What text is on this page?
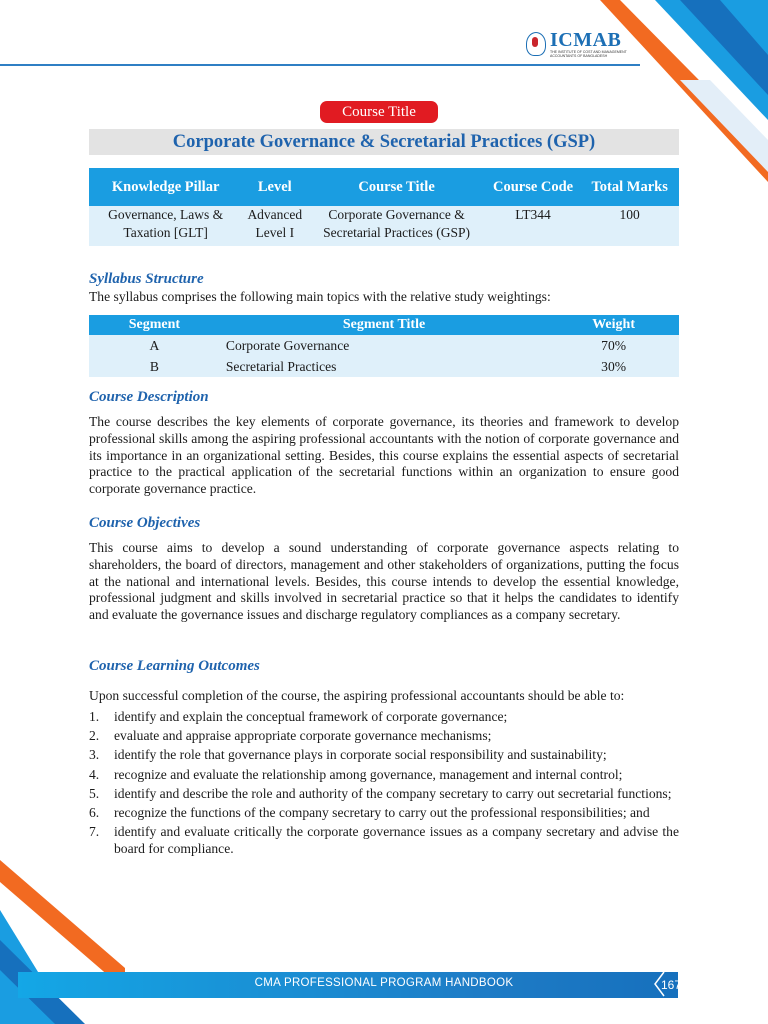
ICMAB
THE INSTITUTE OF COST AND MANAGEMENT ACCOUNTANTS OF BANGLADESH
Course Title
Corporate Governance & Secretarial Practices (GSP)
Knowledge Pillar	Level	Course Title	Course Code	Total Marks
Governance, Laws & Taxation [GLT]	Advanced Level I	Corporate Governance & Secretarial Practices (GSP)	LT344	100
Syllabus Structure
The syllabus comprises the following main topics with the relative study weightings:
Segment	Segment Title	Weight
A	Corporate Governance	70%
B	Secretarial Practices	30%
Course Description
The course describes the key elements of corporate governance, its theories and framework to develop professional skills among the aspiring professional accountants with the notion of corporate governance and its importance in an organizational setting. Besides, this course explains the essential aspects of secretarial practice to the practical application of the secretarial functions within an organization to ensure good corporate governance practice.
Course Objectives
This course aims to develop a sound understanding of corporate governance aspects relating to shareholders, the board of directors, management and other stakeholders of organizations, putting the focus at the national and international levels. Besides, this course intends to develop the essential knowledge, professional judgment and skills involved in secretarial practice so that it helps the candidates to identify and evaluate the governance issues and discharge regulatory compliances as a company secretary.
Course Learning Outcomes
Upon successful completion of the course, the aspiring professional accountants should be able to:
1.	identify and explain the conceptual framework of corporate governance;
2.	evaluate and appraise appropriate corporate governance mechanisms;
3.	identify the role that governance plays in corporate social responsibility and sustainability;
4.	recognize and evaluate the relationship among governance, management and internal control;
5.	identify and describe the role and authority of the company secretary to carry out secretarial functions;
6.	recognize the functions of the company secretary to carry out the professional responsibilities; and
7.	identify and evaluate critically the corporate governance issues as a company secretary and advise the board for compliance.
CMA PROFESSIONAL PROGRAM HANDBOOK	167
